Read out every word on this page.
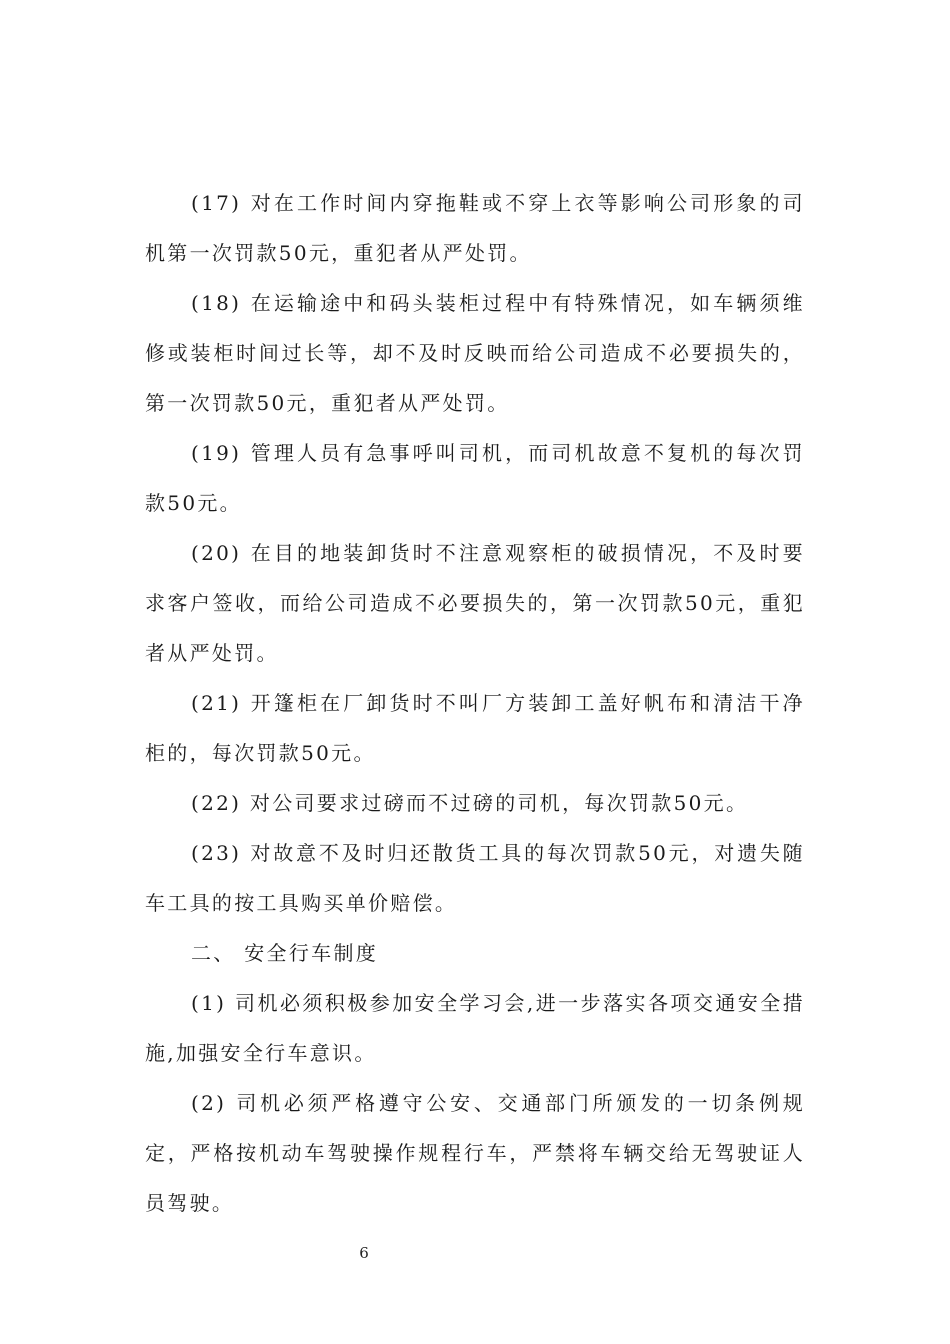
(17) 对在工作时间内穿拖鞋或不穿上衣等影响公司形象的司机第一次罚款50元，重犯者从严处罚。

(18) 在运输途中和码头装柜过程中有特殊情况，如车辆须维修或装柜时间过长等，却不及时反映而给公司造成不必要损失的，第一次罚款50元，重犯者从严处罚。

(19) 管理人员有急事呼叫司机，而司机故意不复机的每次罚款50元。

(20) 在目的地装卸货时不注意观察柜的破损情况，不及时要求客户签收，而给公司造成不必要损失的，第一次罚款50元，重犯者从严处罚。

(21) 开篷柜在厂卸货时不叫厂方装卸工盖好帆布和清洁干净柜的，每次罚款50元。

(22) 对公司要求过磅而不过磅的司机，每次罚款50元。

(23) 对故意不及时归还散货工具的每次罚款50元，对遗失随车工具的按工具购买单价赔偿。

二、 安全行车制度

(1) 司机必须积极参加安全学习会,进一步落实各项交通安全措施,加强安全行车意识。

(2) 司机必须严格遵守公安、交通部门所颁发的一切条例规定，严格按机动车驾驶操作规程行车，严禁将车辆交给无驾驶证人员驾驶。

6
